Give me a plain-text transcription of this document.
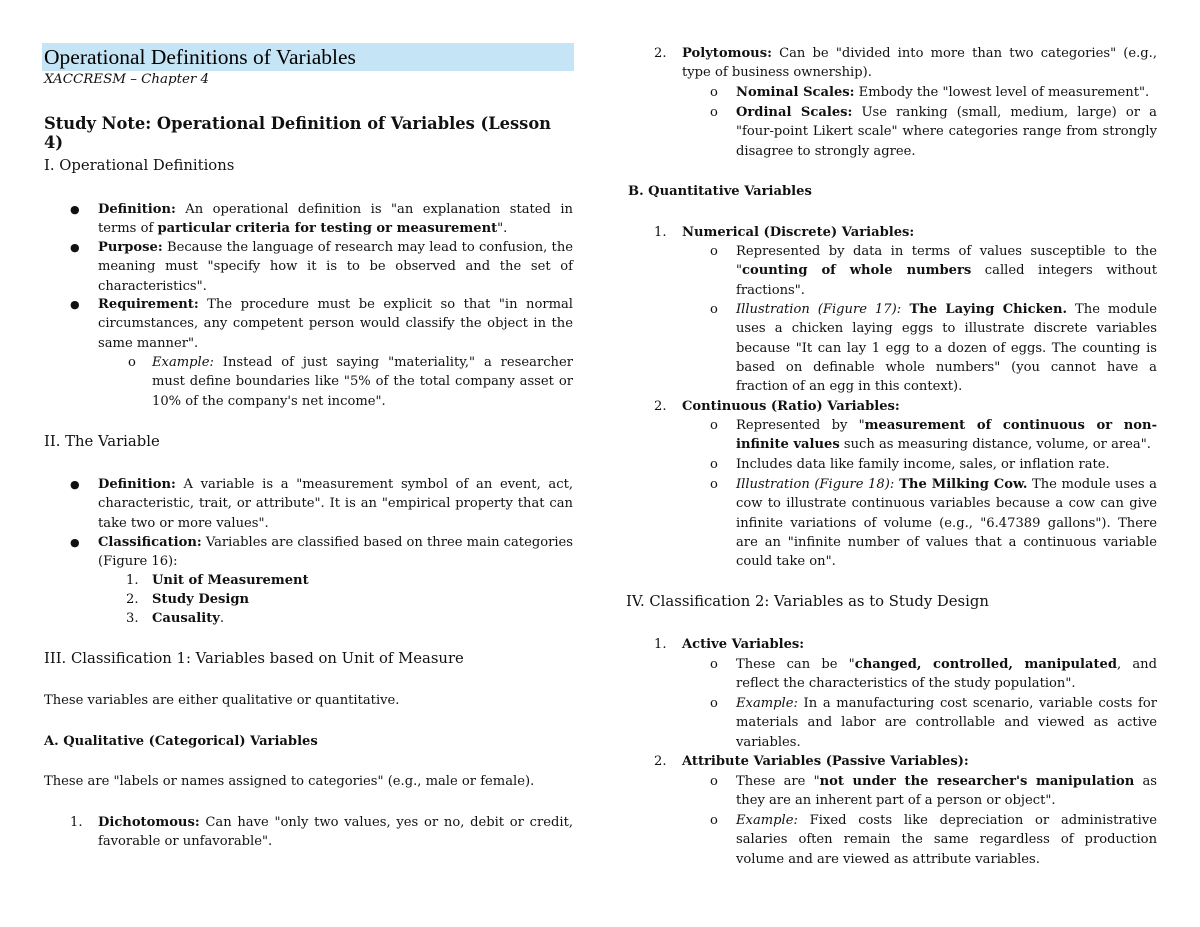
Operational Definitions of Variables

XACCRESM – Chapter 4

Study Note: Operational Definition of Variables (Lesson 4)

I. Operational Definitions

● Definition: An operational definition is "an explanation stated in terms of particular criteria for testing or measurement".

● Purpose: Because the language of research may lead to confusion, the meaning must "specify how it is to be observed and the set of characteristics".

● Requirement: The procedure must be explicit so that "in normal circumstances, any competent person would classify the object in the same manner".

o Example: Instead of just saying "materiality," a researcher must define boundaries like "5% of the total company asset or 10% of the company's net income".

II. The Variable

● Definition: A variable is a "measurement symbol of an event, act, characteristic, trait, or attribute". It is an "empirical property that can take two or more values".

● Classification: Variables are classified based on three main categories (Figure 16):

1. Unit of Measurement

2. Study Design

3. Causality.

III. Classification 1: Variables based on Unit of Measure

These variables are either qualitative or quantitative.

A. Qualitative (Categorical) Variables

These are "labels or names assigned to categories" (e.g., male or female).

1. Dichotomous: Can have "only two values, yes or no, debit or credit, favorable or unfavorable".

2. Polytomous: Can be "divided into more than two categories" (e.g., type of business ownership).

o Nominal Scales: Embody the "lowest level of measurement".

o Ordinal Scales: Use ranking (small, medium, large) or a "four-point Likert scale" where categories range from strongly disagree to strongly agree.

B. Quantitative Variables

1. Numerical (Discrete) Variables:

o Represented by data in terms of values susceptible to the "counting of whole numbers called integers without fractions".

o Illustration (Figure 17): The Laying Chicken. The module uses a chicken laying eggs to illustrate discrete variables because "It can lay 1 egg to a dozen of eggs. The counting is based on definable whole numbers" (you cannot have a fraction of an egg in this context).

2. Continuous (Ratio) Variables:

o Represented by "measurement of continuous or non-infinite values such as measuring distance, volume, or area".

o Includes data like family income, sales, or inflation rate.

o Illustration (Figure 18): The Milking Cow. The module uses a cow to illustrate continuous variables because a cow can give infinite variations of volume (e.g., "6.47389 gallons"). There are an "infinite number of values that a continuous variable could take on".

IV. Classification 2: Variables as to Study Design

1. Active Variables:

o These can be "changed, controlled, manipulated, and reflect the characteristics of the study population".

o Example: In a manufacturing cost scenario, variable costs for materials and labor are controllable and viewed as active variables.

2. Attribute Variables (Passive Variables):

o These are "not under the researcher's manipulation as they are an inherent part of a person or object".

o Example: Fixed costs like depreciation or administrative salaries often remain the same regardless of production volume and are viewed as attribute variables.
